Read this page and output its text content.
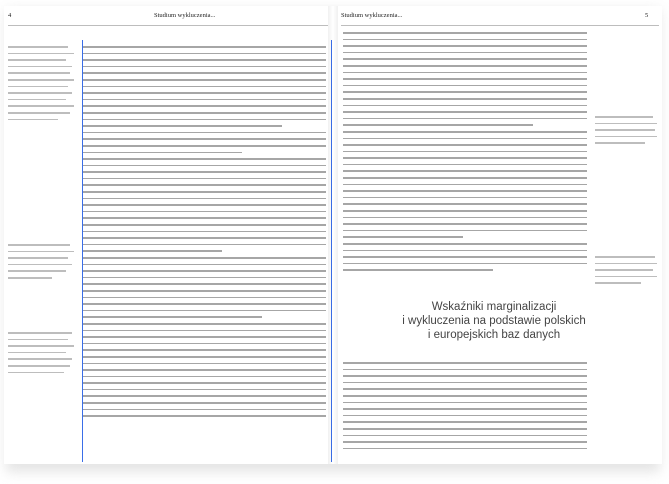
4	Studium wykluczenia...	Studium wykluczenia...	5
Wskaźniki marginalizacji
i wykluczenia na podstawie polskich
i europejskich baz danych
